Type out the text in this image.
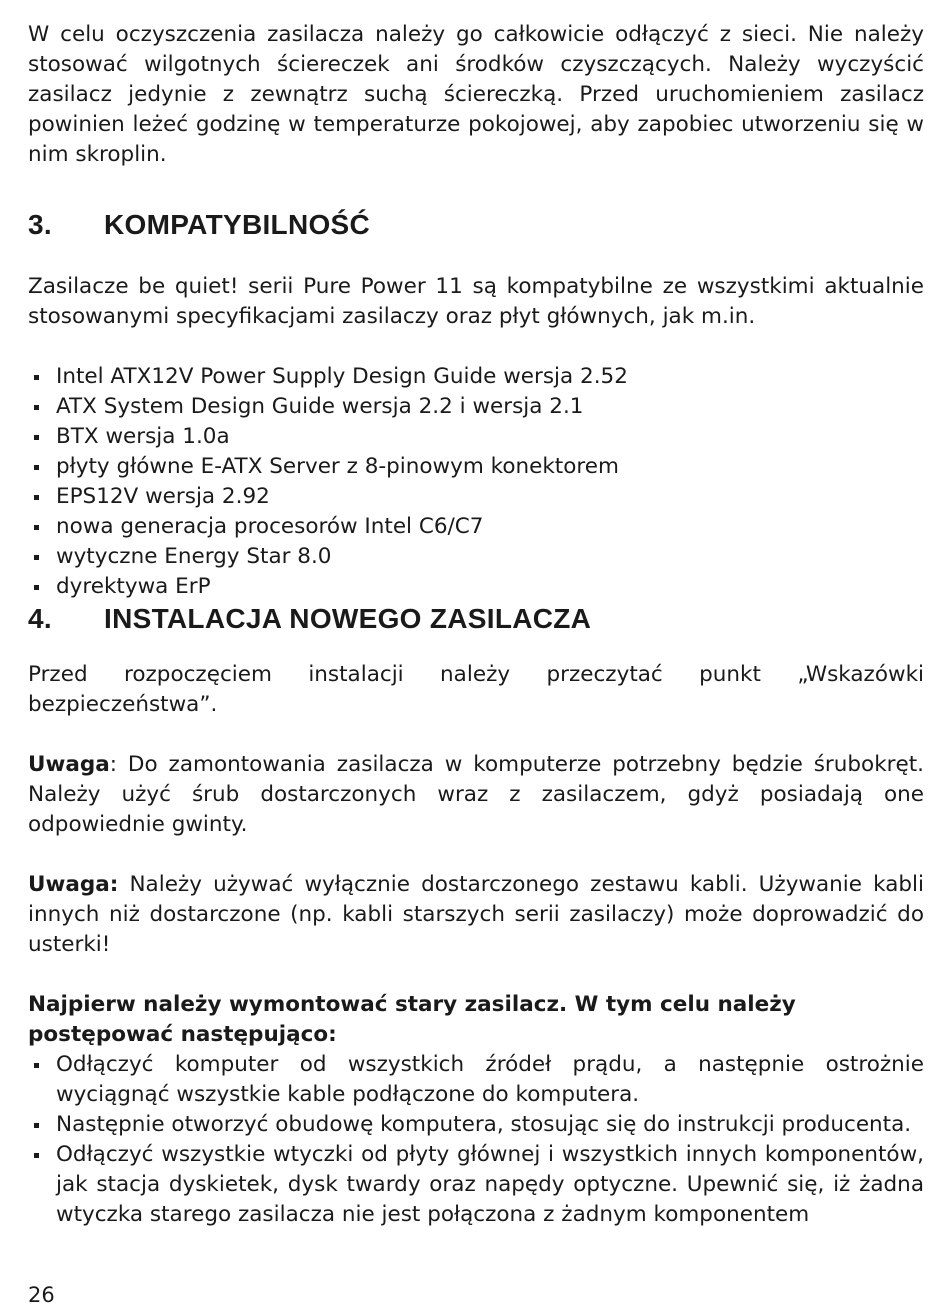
W celu oczyszczenia zasilacza należy go całkowicie odłączyć z sieci. Nie należy stosować wilgotnych ściereczek ani środków czyszczących. Należy wyczyścić zasilacz jedynie z zewnątrz suchą ściereczką. Przed uruchomieniem zasilacz powinien leżeć godzinę w temperaturze pokojowej, aby zapobiec utworzeniu się w nim skroplin.

3.	KOMPATYBILNOŚĆ

Zasilacze be quiet! serii Pure Power 11 są kompatybilne ze wszystkimi aktualnie stosowanymi specyfikacjami zasilaczy oraz płyt głównych, jak m.in.

Intel ATX12V Power Supply Design Guide wersja 2.52
ATX System Design Guide wersja 2.2 i wersja 2.1
BTX wersja 1.0a
płyty główne E-ATX Server z 8-pinowym konektorem
EPS12V wersja 2.92
nowa generacja procesorów Intel C6/C7
wytyczne Energy Star 8.0
dyrektywa ErP
4.	INSTALACJA NOWEGO ZASILACZA

Przed rozpoczęciem instalacji należy przeczytać punkt „Wskazówki bezpieczeństwa”.

Uwaga: Do zamontowania zasilacza w komputerze potrzebny będzie śrubokręt. Należy użyć śrub dostarczonych wraz z zasilaczem, gdyż posiadają one odpowiednie gwinty.

Uwaga: Należy używać wyłącznie dostarczonego zestawu kabli. Używanie kabli innych niż dostarczone (np. kabli starszych serii zasilaczy) może doprowadzić do usterki!

Najpierw należy wymontować stary zasilacz. W tym celu należy postępować następująco:

Odłączyć komputer od wszystkich źródeł prądu, a następnie ostrożnie wyciągnąć wszystkie kable podłączone do komputera.
Następnie otworzyć obudowę komputera, stosując się do instrukcji producenta.
Odłączyć wszystkie wtyczki od płyty głównej i wszystkich innych komponentów, jak stacja dyskietek, dysk twardy oraz napędy optyczne. Upewnić się, iż żadna wtyczka starego zasilacza nie jest połączona z żadnym komponentem
26
